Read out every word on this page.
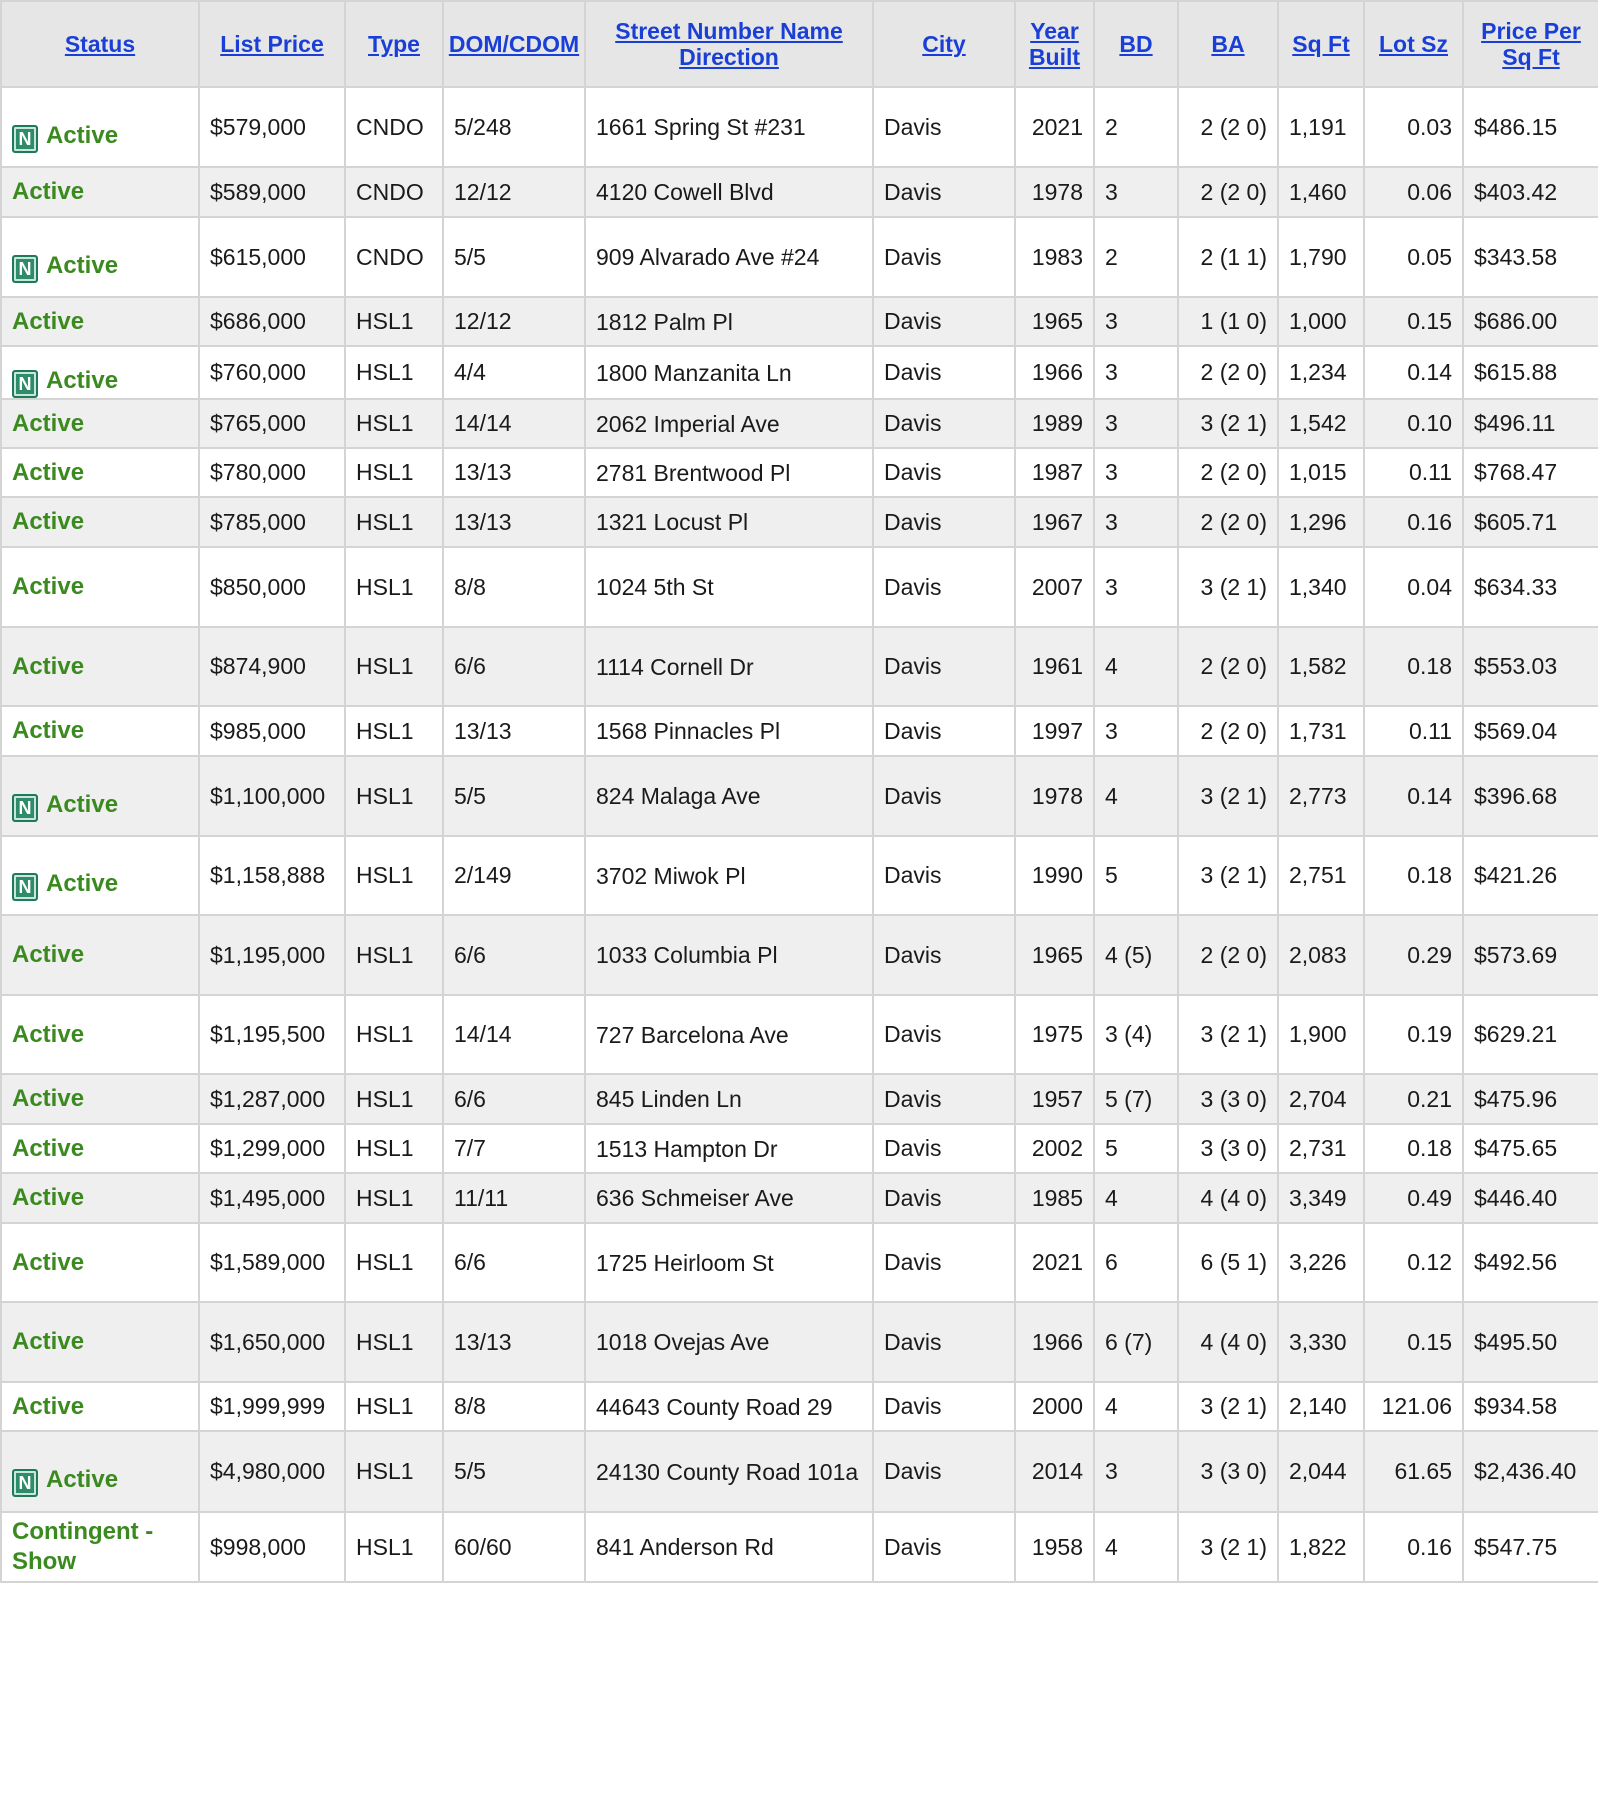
Status	List Price	Type	DOM/CDOM	Street Number Name Direction	City	Year Built	BD	BA	Sq Ft	Lot Sz	Price Per Sq Ft
N Active	$579,000	CNDO	5/248	1661 Spring St #231	Davis	2021	2	2 (2 0)	1,191	0.03	$486.15
Active	$589,000	CNDO	12/12	4120 Cowell Blvd	Davis	1978	3	2 (2 0)	1,460	0.06	$403.42
N Active	$615,000	CNDO	5/5	909 Alvarado Ave #24	Davis	1983	2	2 (1 1)	1,790	0.05	$343.58
Active	$686,000	HSL1	12/12	1812 Palm Pl	Davis	1965	3	1 (1 0)	1,000	0.15	$686.00
N Active	$760,000	HSL1	4/4	1800 Manzanita Ln	Davis	1966	3	2 (2 0)	1,234	0.14	$615.88
Active	$765,000	HSL1	14/14	2062 Imperial Ave	Davis	1989	3	3 (2 1)	1,542	0.10	$496.11
Active	$780,000	HSL1	13/13	2781 Brentwood Pl	Davis	1987	3	2 (2 0)	1,015	0.11	$768.47
Active	$785,000	HSL1	13/13	1321 Locust Pl	Davis	1967	3	2 (2 0)	1,296	0.16	$605.71
Active	$850,000	HSL1	8/8	1024 5th St	Davis	2007	3	3 (2 1)	1,340	0.04	$634.33
Active	$874,900	HSL1	6/6	1114 Cornell Dr	Davis	1961	4	2 (2 0)	1,582	0.18	$553.03
Active	$985,000	HSL1	13/13	1568 Pinnacles Pl	Davis	1997	3	2 (2 0)	1,731	0.11	$569.04
N Active	$1,100,000	HSL1	5/5	824 Malaga Ave	Davis	1978	4	3 (2 1)	2,773	0.14	$396.68
N Active	$1,158,888	HSL1	2/149	3702 Miwok Pl	Davis	1990	5	3 (2 1)	2,751	0.18	$421.26
Active	$1,195,000	HSL1	6/6	1033 Columbia Pl	Davis	1965	4 (5)	2 (2 0)	2,083	0.29	$573.69
Active	$1,195,500	HSL1	14/14	727 Barcelona Ave	Davis	1975	3 (4)	3 (2 1)	1,900	0.19	$629.21
Active	$1,287,000	HSL1	6/6	845 Linden Ln	Davis	1957	5 (7)	3 (3 0)	2,704	0.21	$475.96
Active	$1,299,000	HSL1	7/7	1513 Hampton Dr	Davis	2002	5	3 (3 0)	2,731	0.18	$475.65
Active	$1,495,000	HSL1	11/11	636 Schmeiser Ave	Davis	1985	4	4 (4 0)	3,349	0.49	$446.40
Active	$1,589,000	HSL1	6/6	1725 Heirloom St	Davis	2021	6	6 (5 1)	3,226	0.12	$492.56
Active	$1,650,000	HSL1	13/13	1018 Ovejas Ave	Davis	1966	6 (7)	4 (4 0)	3,330	0.15	$495.50
Active	$1,999,999	HSL1	8/8	44643 County Road 29	Davis	2000	4	3 (2 1)	2,140	121.06	$934.58
N Active	$4,980,000	HSL1	5/5	24130 County Road 101a	Davis	2014	3	3 (3 0)	2,044	61.65	$2,436.40
Contingent - Show	$998,000	HSL1	60/60	841 Anderson Rd	Davis	1958	4	3 (2 1)	1,822	0.16	$547.75
